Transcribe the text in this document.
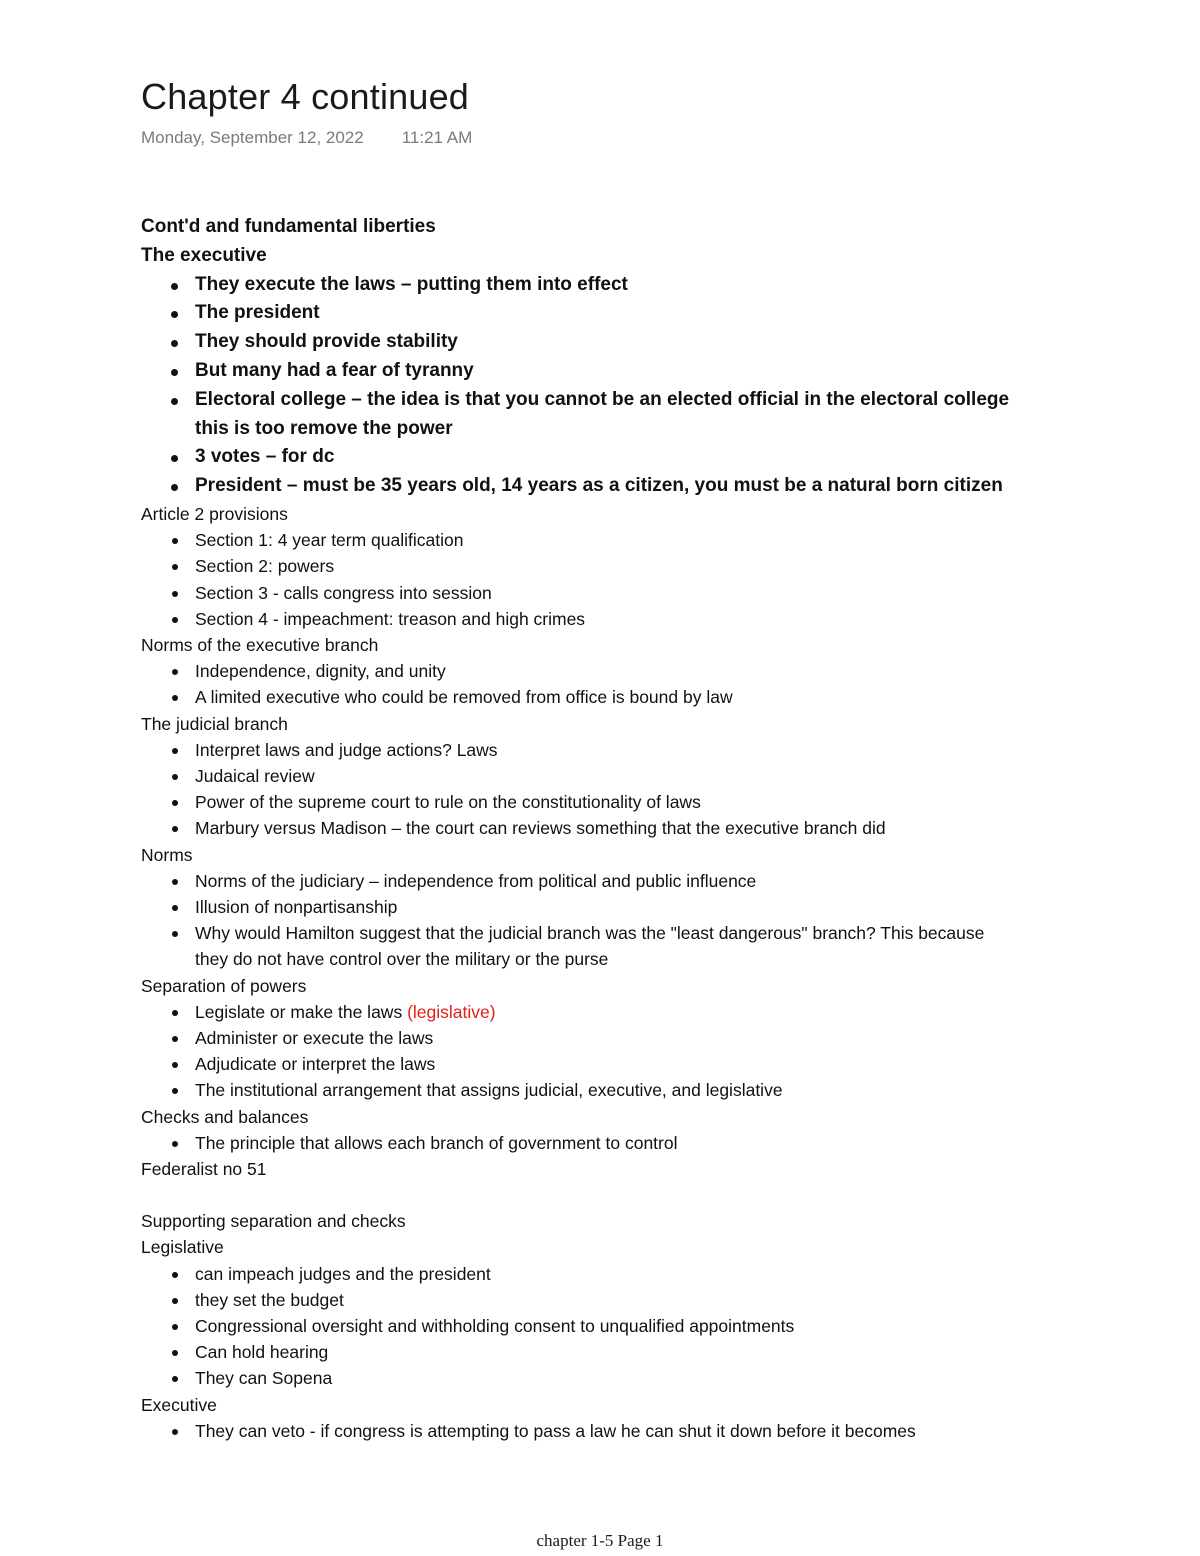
Chapter 4 continued
Monday, September 12, 2022 11:21 AM

Cont'd and fundamental liberties

The executive

They execute the laws – putting them into effect
The president
They should provide stability
But many had a fear of tyranny
Electoral college – the idea is that you cannot be an elected official in the electoral college this is too remove the power
3 votes – for dc
President – must be 35 years old, 14 years as a citizen, you must be a natural born citizen

Article 2 provisions

Section 1: 4 year term qualification
Section 2: powers
Section 3 - calls congress into session
Section 4 - impeachment: treason and high crimes

Norms of the executive branch

Independence, dignity, and unity
A limited executive who could be removed from office is bound by law

The judicial branch

Interpret laws and judge actions? Laws
Judaical review
Power of the supreme court to rule on the constitutionality of laws
Marbury versus Madison – the court can reviews something that the executive branch did

Norms

Norms of the judiciary – independence from political and public influence
Illusion of nonpartisanship
Why would Hamilton suggest that the judicial branch was the "least dangerous" branch? This because they do not have control over the military or the purse

Separation of powers

Legislate or make the laws (legislative)
Administer or execute the laws
Adjudicate or interpret the laws
The institutional arrangement that assigns judicial, executive, and legislative

Checks and balances

The principle that allows each branch of government to control

Federalist no 51

Supporting separation and checks

Legislative

can impeach judges and the president
they set the budget
Congressional oversight and withholding consent to unqualified appointments
Can hold hearing
They can Sopena

Executive

They can veto - if congress is attempting to pass a law he can shut it down before it becomes
chapter 1-5 Page 1
